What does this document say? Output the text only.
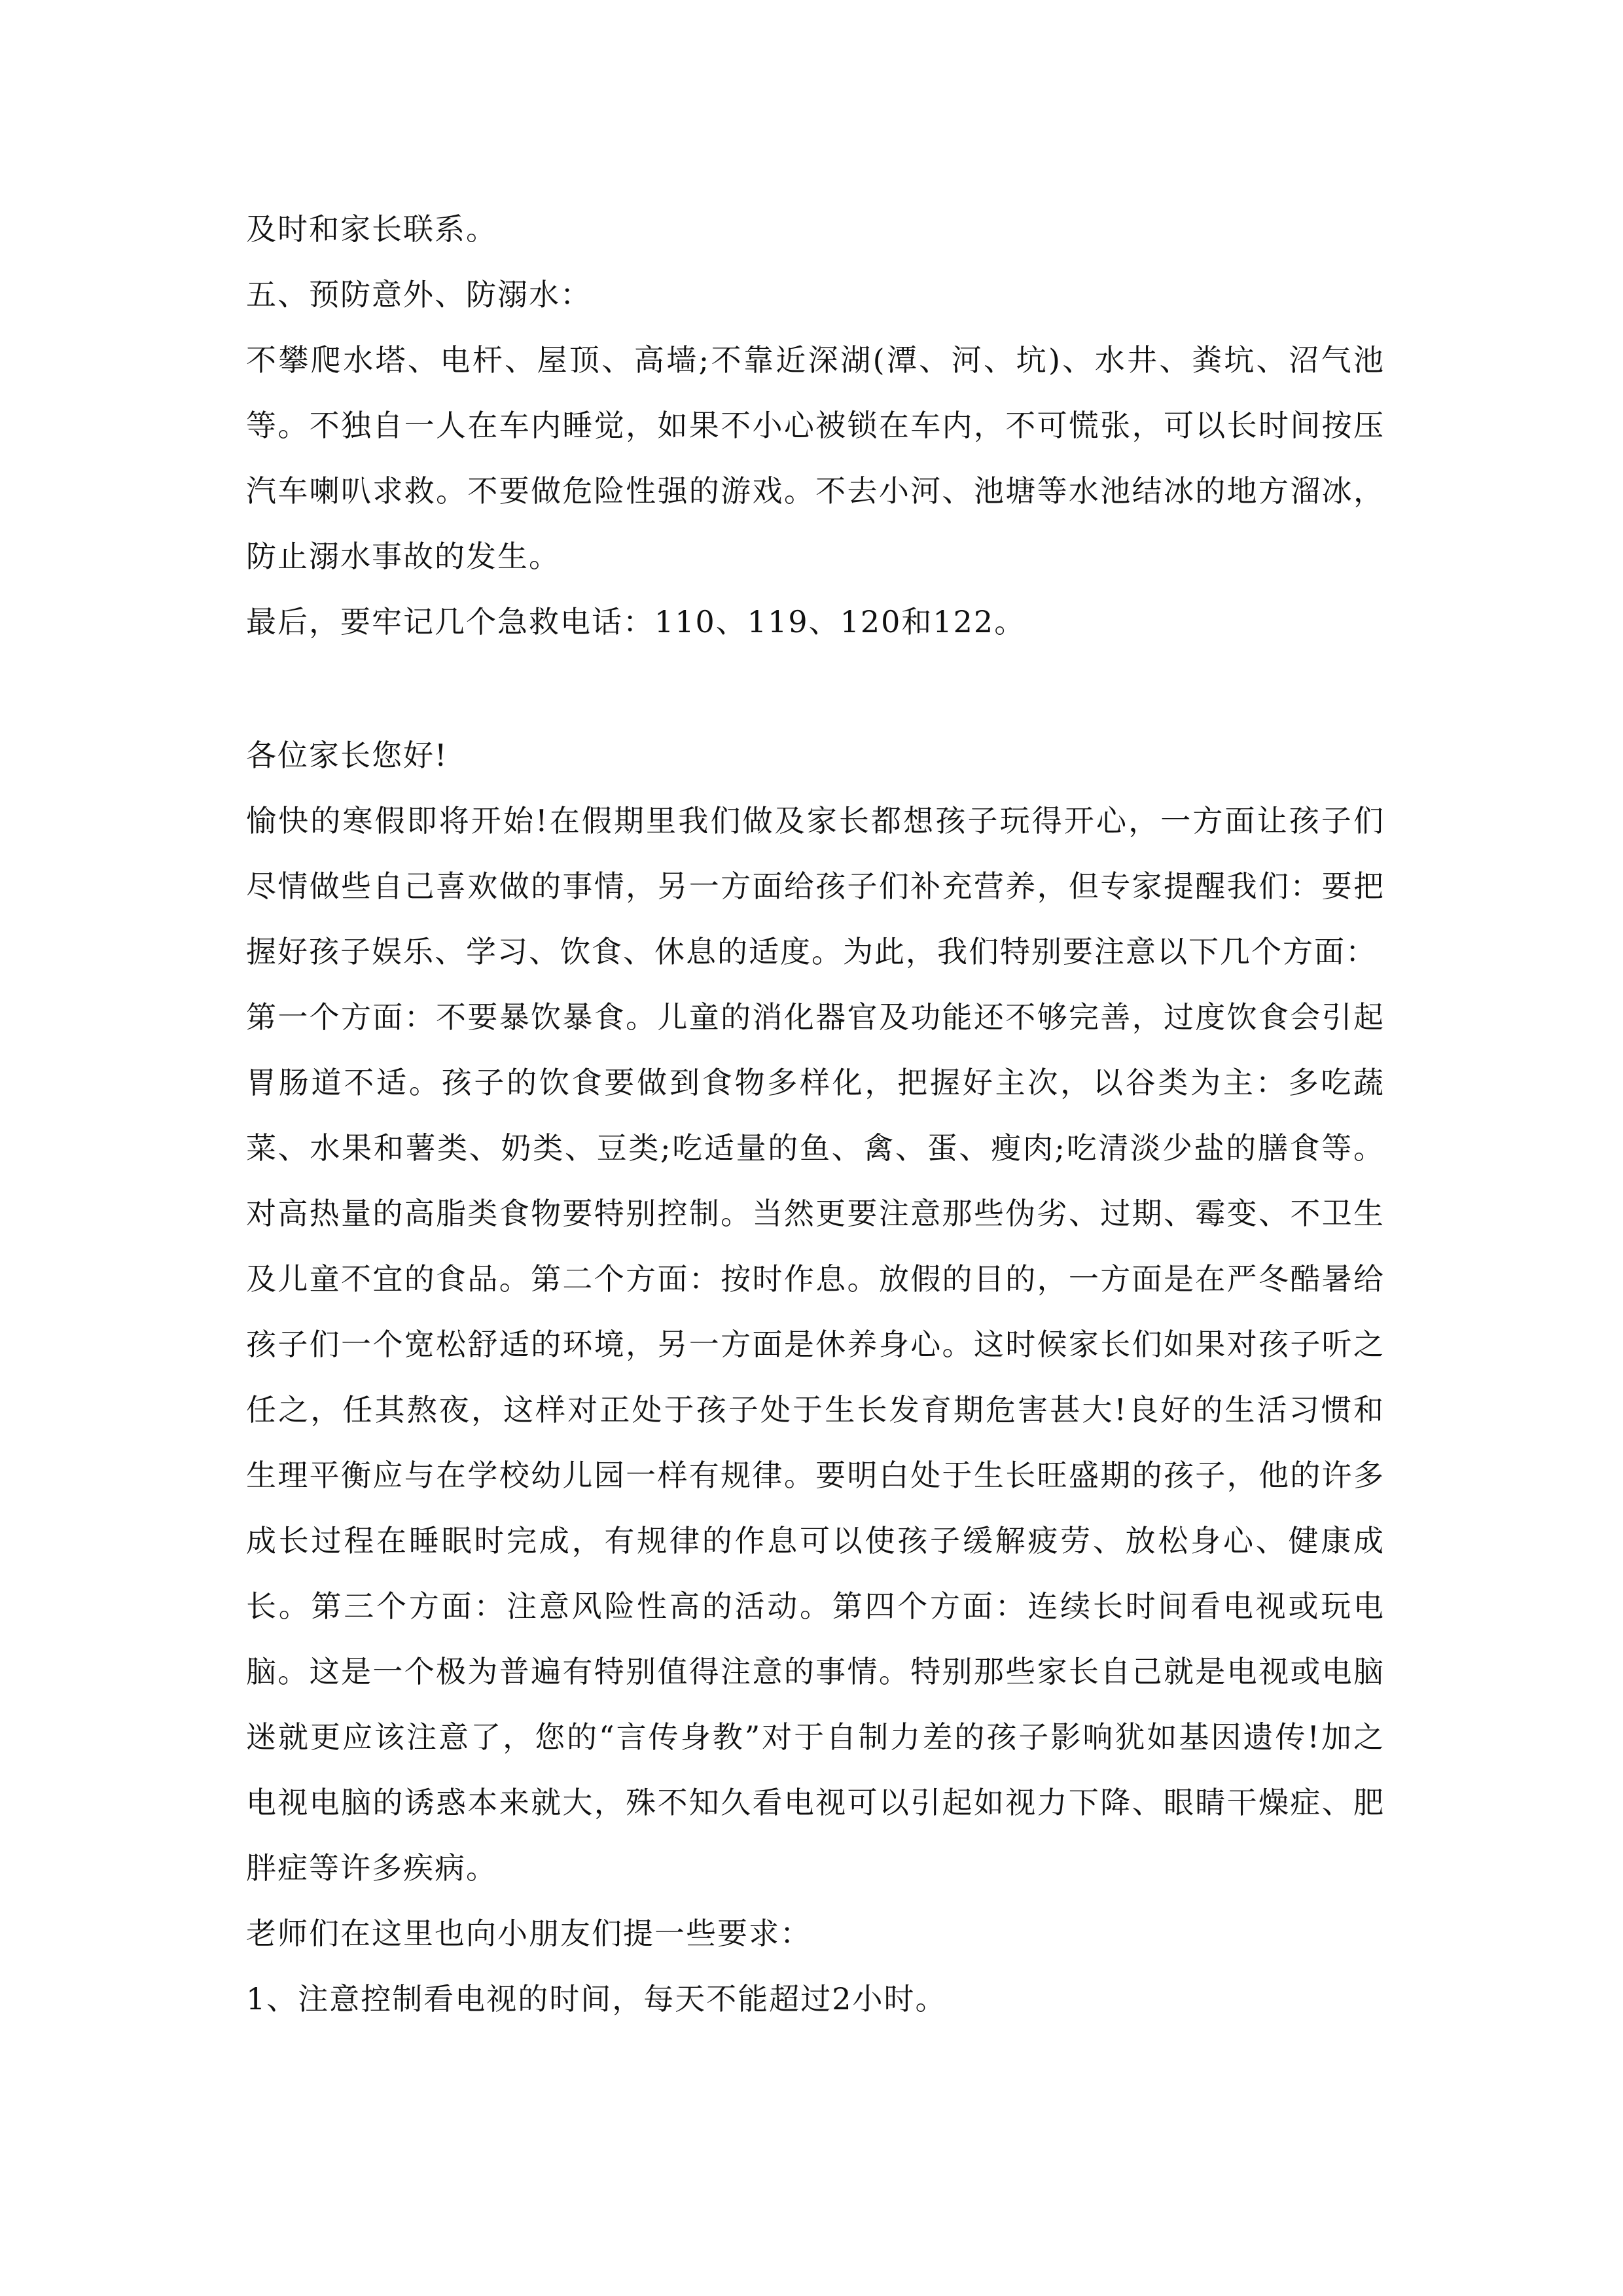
及时和家长联系。

五、预防意外、防溺水：

不攀爬水塔、电杆、屋顶、高墙;不靠近深湖(潭、河、坑)、水井、粪坑、沼气池等。不独自一人在车内睡觉，如果不小心被锁在车内，不可慌张，可以长时间按压汽车喇叭求救。不要做危险性强的游戏。不去小河、池塘等水池结冰的地方溜冰，防止溺水事故的发生。

最后，要牢记几个急救电话：110、119、120和122。

各位家长您好!

愉快的寒假即将开始!在假期里我们做及家长都想孩子玩得开心，一方面让孩子们尽情做些自己喜欢做的事情，另一方面给孩子们补充营养，但专家提醒我们：要把握好孩子娱乐、学习、饮食、休息的适度。为此，我们特别要注意以下几个方面：

第一个方面：不要暴饮暴食。儿童的消化器官及功能还不够完善，过度饮食会引起胃肠道不适。孩子的饮食要做到食物多样化，把握好主次，以谷类为主：多吃蔬菜、水果和薯类、奶类、豆类;吃适量的鱼、禽、蛋、瘦肉;吃清淡少盐的膳食等。对高热量的高脂类食物要特别控制。当然更要注意那些伪劣、过期、霉变、不卫生及儿童不宜的食品。第二个方面：按时作息。放假的目的，一方面是在严冬酷暑给孩子们一个宽松舒适的环境，另一方面是休养身心。这时候家长们如果对孩子听之任之，任其熬夜，这样对正处于孩子处于生长发育期危害甚大!良好的生活习惯和生理平衡应与在学校幼儿园一样有规律。要明白处于生长旺盛期的孩子，他的许多成长过程在睡眠时完成，有规律的作息可以使孩子缓解疲劳、放松身心、健康成长。第三个方面：注意风险性高的活动。第四个方面：连续长时间看电视或玩电脑。这是一个极为普遍有特别值得注意的事情。特别那些家长自己就是电视或电脑迷就更应该注意了，您的“言传身教”对于自制力差的孩子影响犹如基因遗传!加之电视电脑的诱惑本来就大，殊不知久看电视可以引起如视力下降、眼睛干燥症、肥胖症等许多疾病。

老师们在这里也向小朋友们提一些要求：

1、注意控制看电视的时间，每天不能超过2小时。
